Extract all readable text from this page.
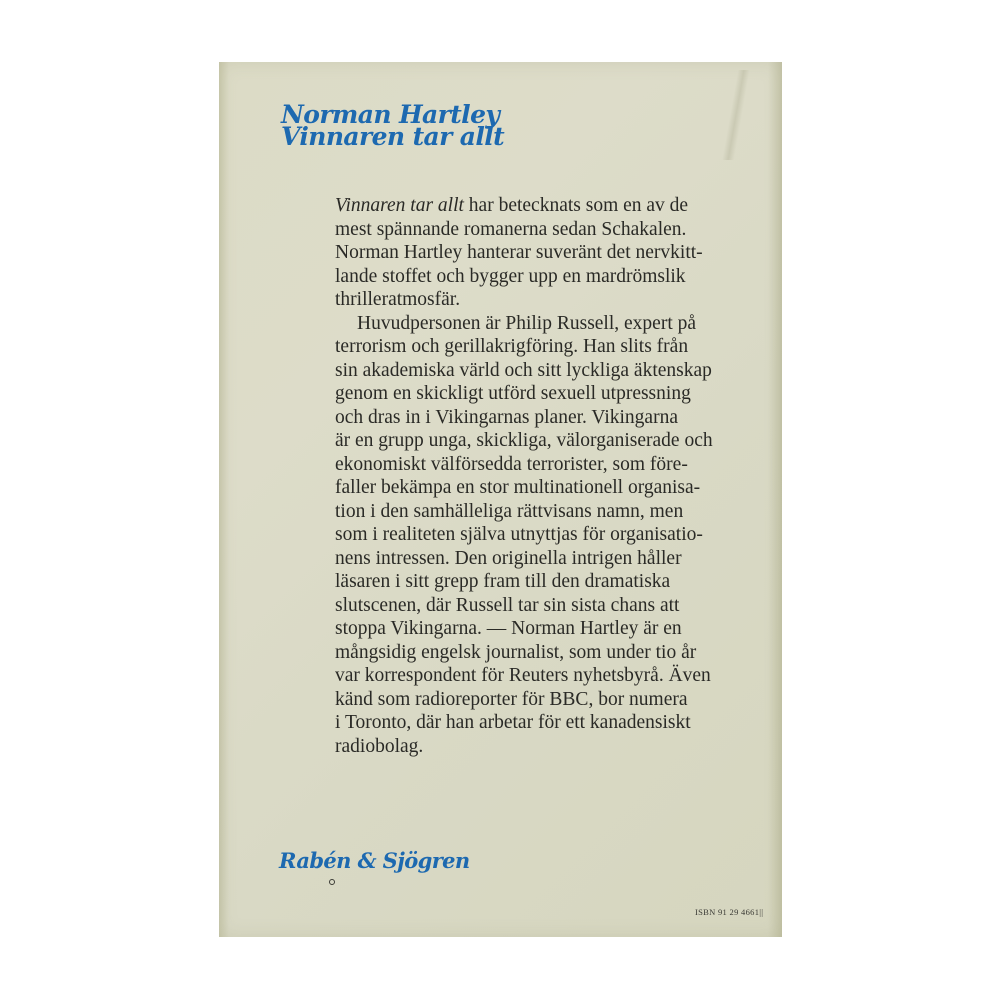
Norman Hartley
Vinnaren tar allt
Vinnaren tar allt har betecknats som en av de
mest spännande romanerna sedan Schakalen.
Norman Hartley hanterar suveränt det nervkitt-
lande stoffet och bygger upp en mardrömslik
thrilleratmosfär.
Huvudpersonen är Philip Russell, expert på
terrorism och gerillakrigföring. Han slits från
sin akademiska värld och sitt lyckliga äktenskap
genom en skickligt utförd sexuell utpressning
och dras in i Vikingarnas planer. Vikingarna
är en grupp unga, skickliga, välorganiserade och
ekonomiskt välförsedda terrorister, som före-
faller bekämpa en stor multinationell organisa-
tion i den samhälleliga rättvisans namn, men
som i realiteten själva utnyttjas för organisatio-
nens intressen. Den originella intrigen håller
läsaren i sitt grepp fram till den dramatiska
slutscenen, där Russell tar sin sista chans att
stoppa Vikingarna. — Norman Hartley är en
mångsidig engelsk journalist, som under tio år
var korrespondent för Reuters nyhetsbyrå. Även
känd som radioreporter för BBC, bor numera
i Toronto, där han arbetar för ett kanadensiskt
radiobolag.
Rabén & Sjögren
ISBN 91 29 4661||
